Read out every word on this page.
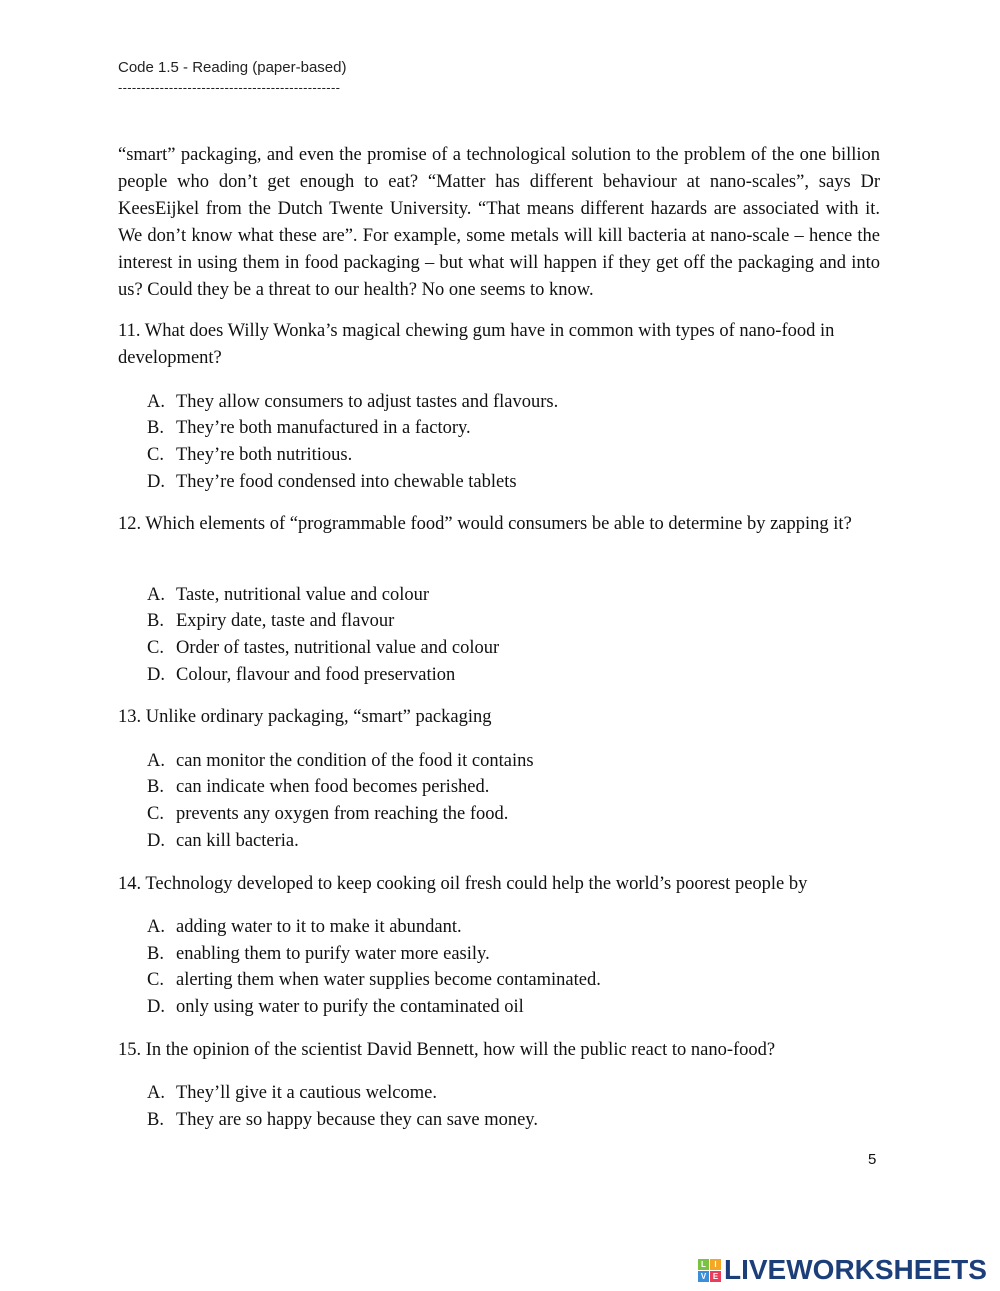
Code 1.5 - Reading (paper-based)
------------------------------------------------
“smart” packaging, and even the promise of a technological solution to the problem of the one billion people who don’t get enough to eat? “Matter has different behaviour at nano-scales”, says Dr KeesEijkel from the Dutch Twente University. “That means different hazards are associated with it. We don’t know what these are”. For example, some metals will kill bacteria at nano-scale – hence the interest in using them in food packaging – but what will happen if they get off the packaging and into us? Could they be a threat to our health? No one seems to know.
11. What does Willy Wonka’s magical chewing gum have in common with types of nano-food in development?
A. They allow consumers to adjust tastes and flavours.
B. They’re both manufactured in a factory.
C. They’re both nutritious.
D. They’re food condensed into chewable tablets
12. Which elements of “programmable food” would consumers be able to determine by zapping it?
A. Taste, nutritional value and colour
B. Expiry date, taste and flavour
C. Order of tastes, nutritional value and colour
D. Colour, flavour and food preservation
13. Unlike ordinary packaging, “smart” packaging
A. can monitor the condition of the food it contains
B. can indicate when food becomes perished.
C. prevents any oxygen from reaching the food.
D. can kill bacteria.
14. Technology developed to keep cooking oil fresh could help the world’s poorest people by
A. adding water to it to make it abundant.
B. enabling them to purify water more easily.
C. alerting them when water supplies become contaminated.
D. only using water to purify the contaminated oil
15. In the opinion of the scientist David Bennett, how will the public react to nano-food?
A. They’ll give it a cautious welcome.
B. They are so happy because they can save money.
5
L	I
V E LIVEWORKSHEETS
